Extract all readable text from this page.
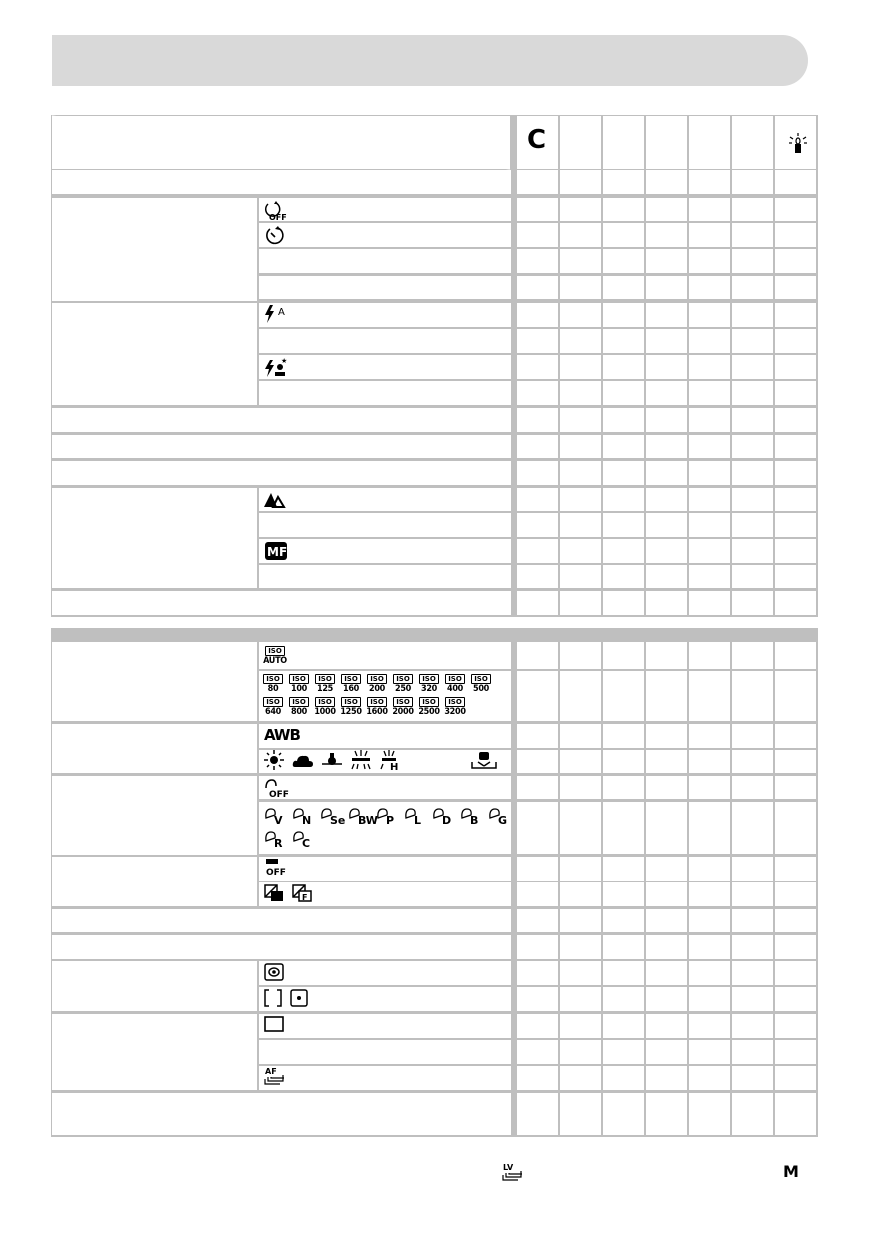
C
OFF
A
★
MF
ISO
AUTO
ISO
80
ISO
100
ISO
125
ISO
160
ISO
200
ISO
250
ISO
320
ISO
400
ISO
500
ISO
640
ISO
800
ISO
1000
ISO
1250
ISO
1600
ISO
2000
ISO
2500
ISO
3200
AWB
H
OFF
V N Se BW P L D B G
R C
OFF
F
AF
LV	M
